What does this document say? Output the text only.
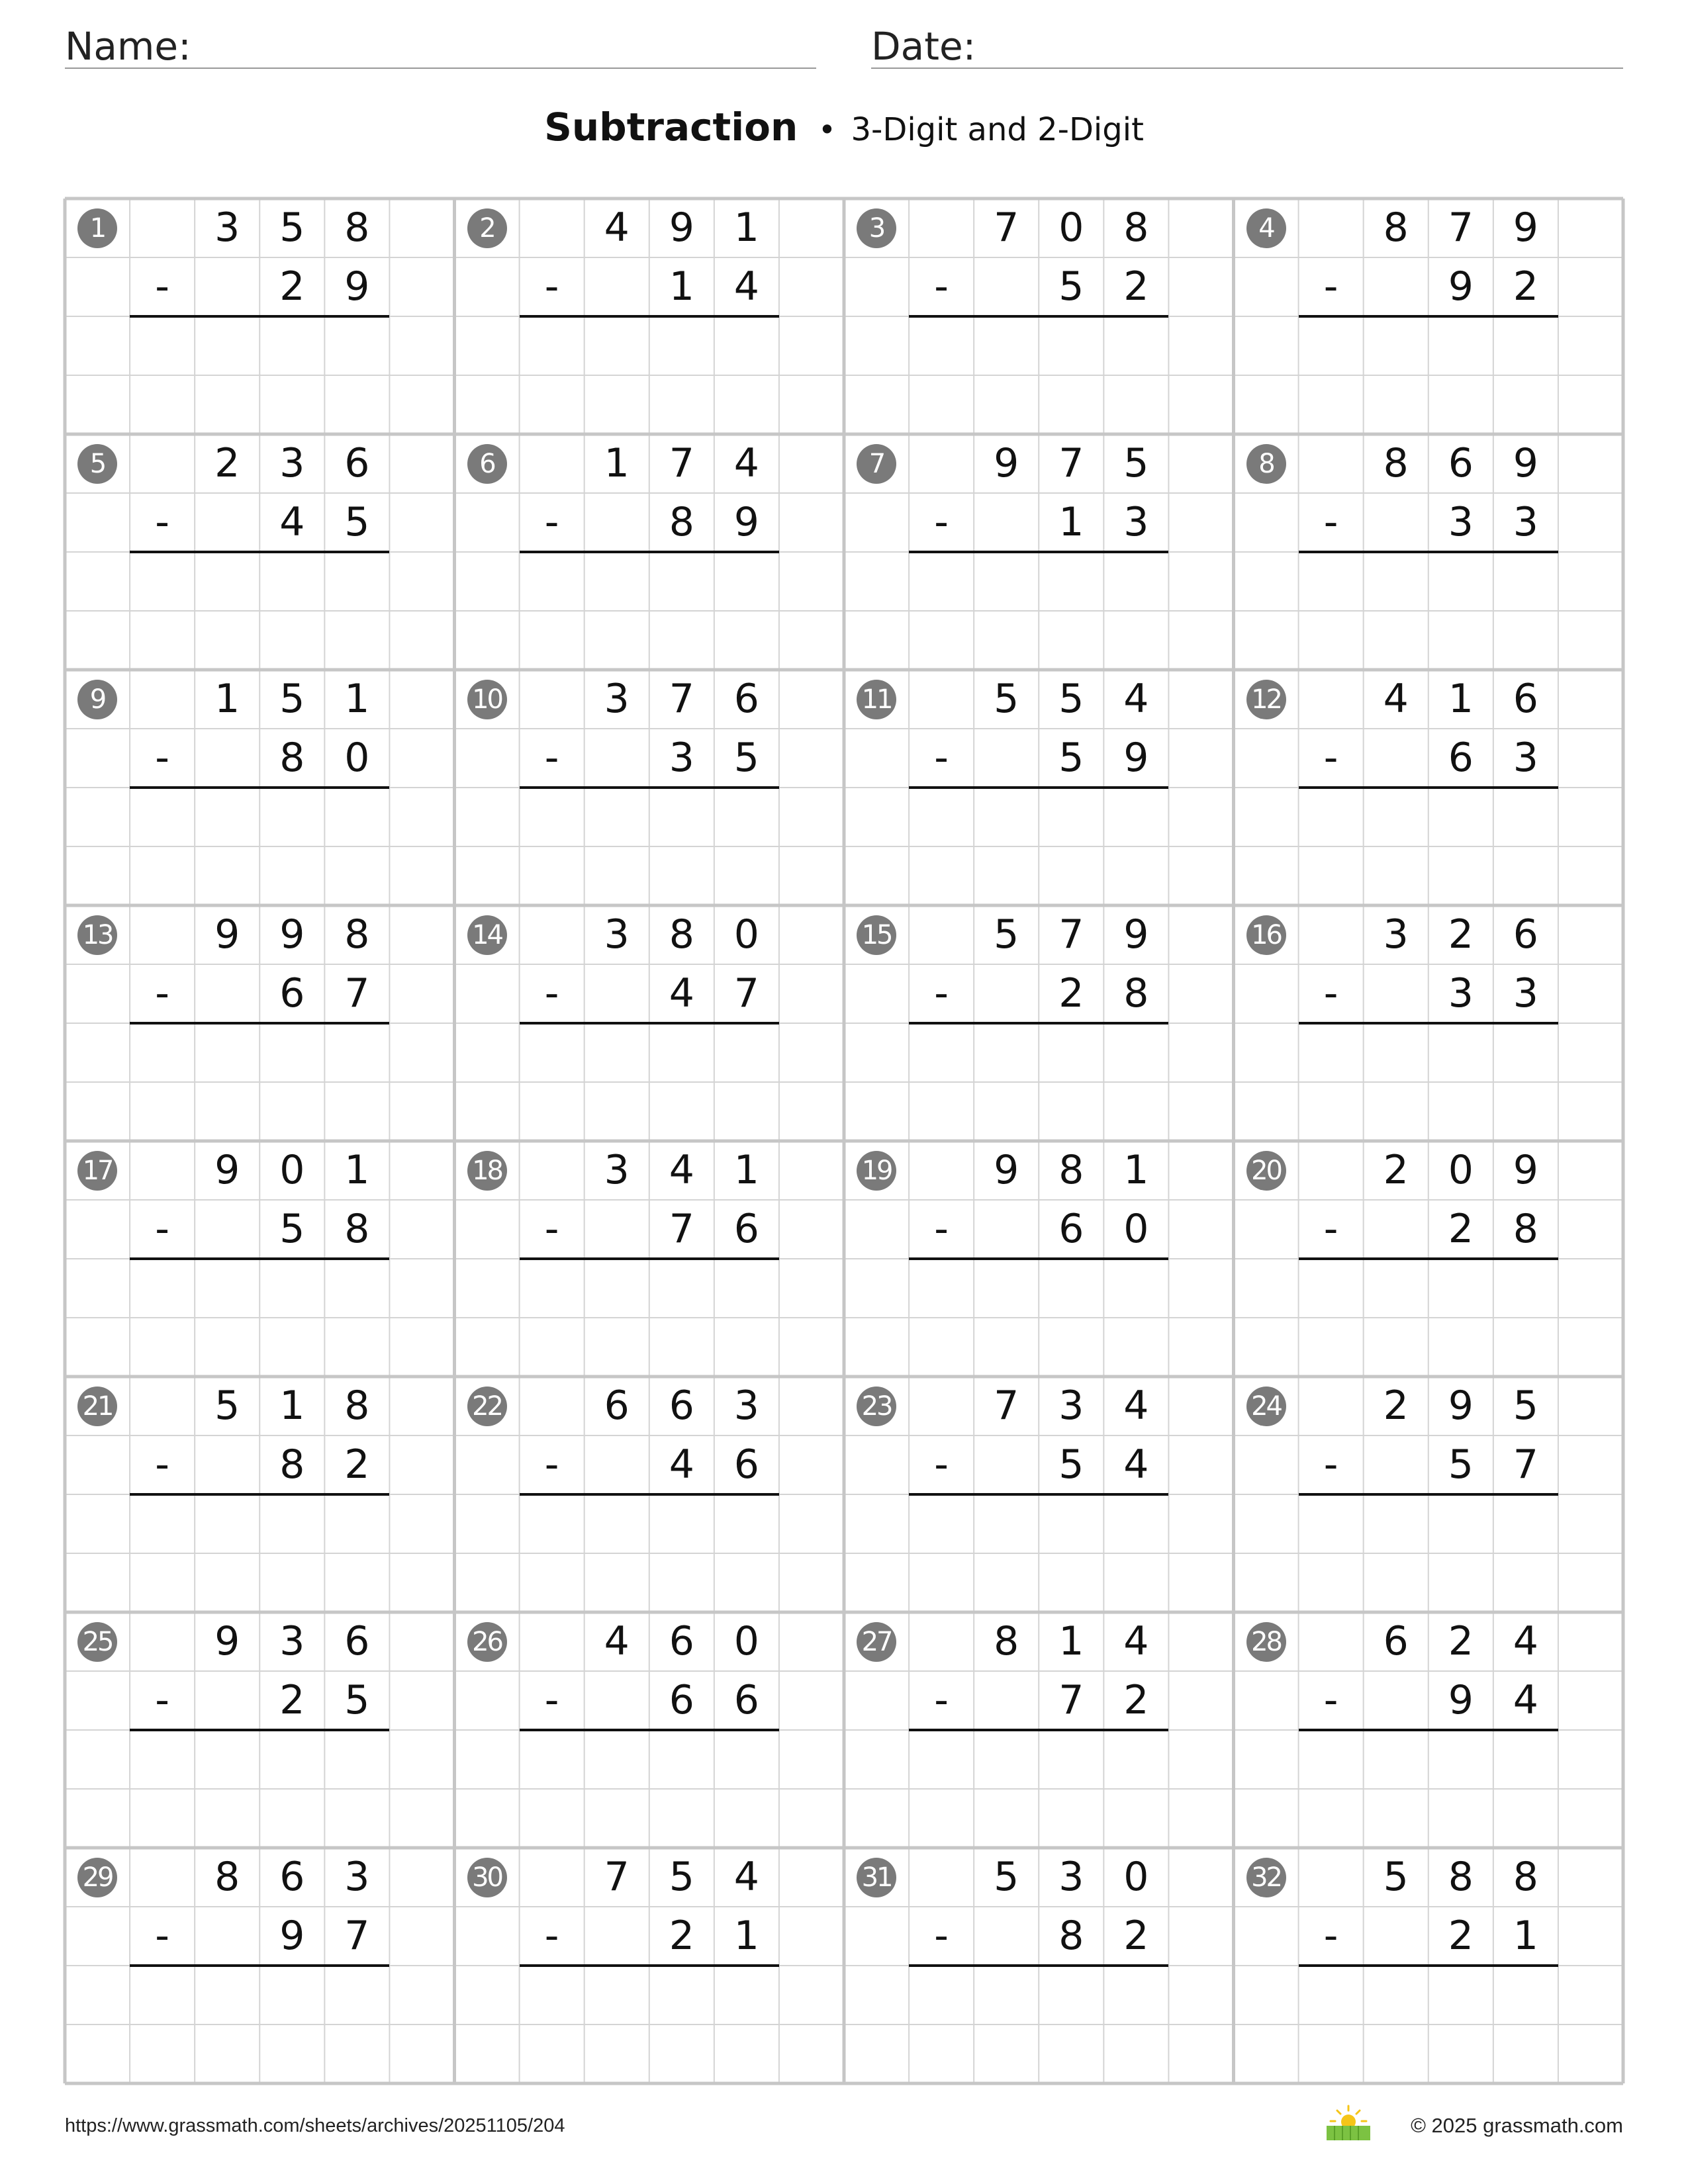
Name:	Date:
Subtraction • 3-Digit and 2-Digit
1	3 5 8
-	2 9
2	4 9 1
-	1 4
3	7 0 8
-	5 2
4	8 7 9
-	9 2
5	2 3 6
-	4 5
6	1 7 4
-	8 9
7	9 7 5
-	1 3
8	8 6 9
-	3 3
9	1 5 1
-	8 0
10	3 7 6
-	3 5
11	5 5 4
-	5 9
12	4 1 6
-	6 3
13	9 9 8
-	6 7
14	3 8 0
-	4 7
15	5 7 9
-	2 8
16	3 2 6
-	3 3
17	9 0 1
-	5 8
18	3 4 1
-	7 6
19	9 8 1
-	6 0
20	2 0 9
-	2 8
21	5 1 8
-	8 2
22	6 6 3
-	4 6
23	7 3 4
-	5 4
24	2 9 5
-	5 7
25	9 3 6
-	2 5
26	4 6 0
-	6 6
27	8 1 4
-	7 2
28	6 2 4
-	9 4
29	8 6 3
-	9 7
30	7 5 4
-	2 1
31	5 3 0
-	8 2
32	5 8 8
-	2 1
https://www.grassmath.com/sheets/archives/20251105/204	© 2025 grassmath.com
